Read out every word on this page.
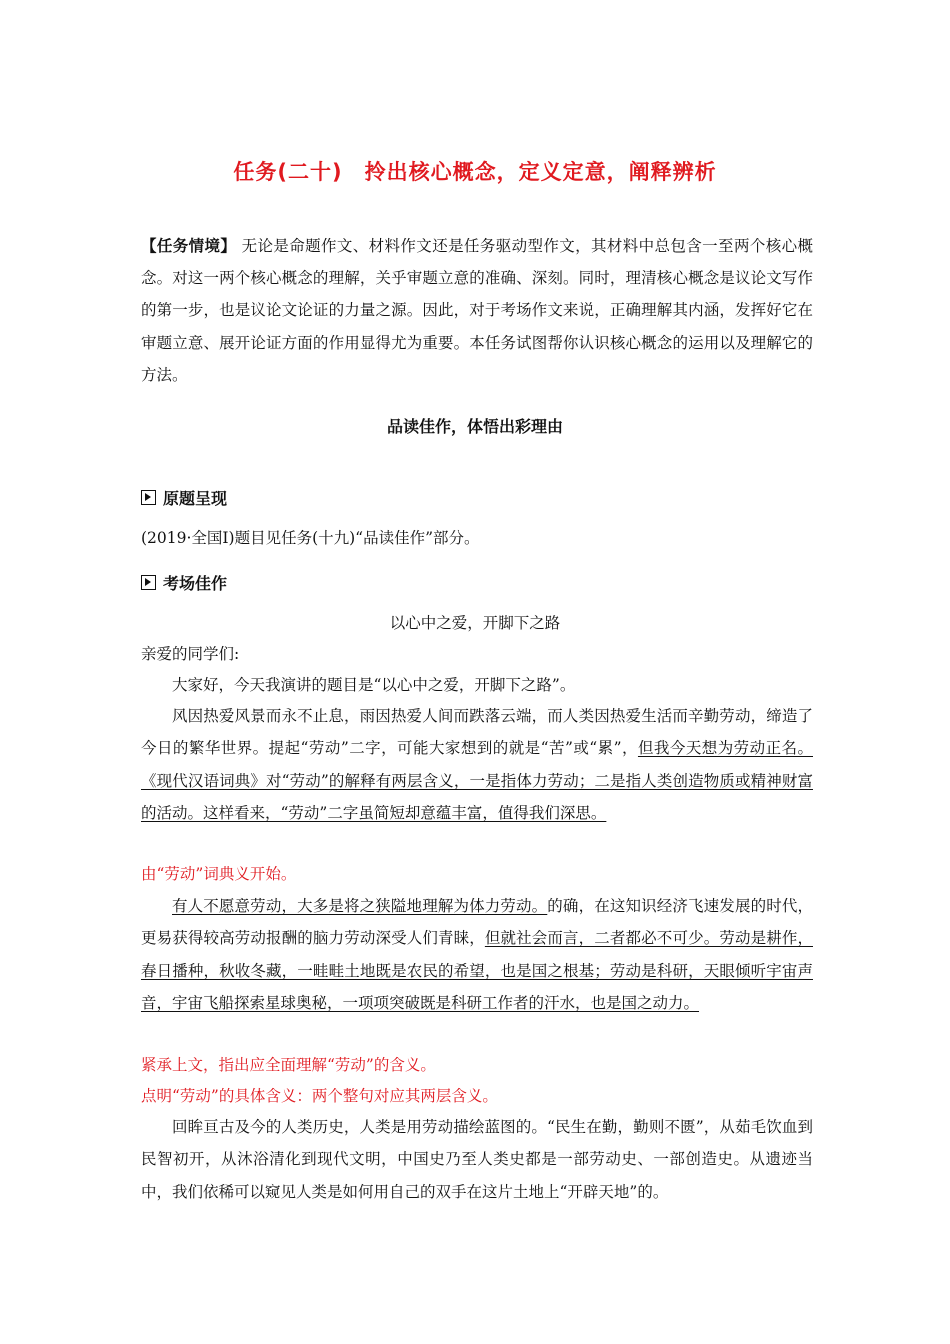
任务(二十) 拎出核心概念，定义定意，阐释辨析

【任务情境】 无论是命题作文、材料作文还是任务驱动型作文，其材料中总包含一至两个核心概念。对这一两个核心概念的理解，关乎审题立意的准确、深刻。同时，理清核心概念是议论文写作的第一步，也是议论文论证的力量之源。因此，对于考场作文来说，正确理解其内涵，发挥好它在审题立意、展开论证方面的作用显得尤为重要。本任务试图帮你认识核心概念的运用以及理解它的方法。

品读佳作，体悟出彩理由
原题呈现
(2019·全国Ⅰ)题目见任务(十九)“品读佳作”部分。
考场佳作
以心中之爱，开脚下之路
亲爱的同学们:
大家好，今天我演讲的题目是“以心中之爱，开脚下之路”。

风因热爱风景而永不止息，雨因热爱人间而跌落云端，而人类因热爱生活而辛勤劳动，缔造了今日的繁华世界。提起“劳动”二字，可能大家想到的就是“苦”或“累”，但我今天想为劳动正名。《现代汉语词典》对“劳动”的解释有两层含义，一是指体力劳动；二是指人类创造物质或精神财富的活动。这样看来，“劳动”二字虽简短却意蕴丰富，值得我们深思。

由“劳动”词典义开始。

有人不愿意劳动，大多是将之狭隘地理解为体力劳动。的确，在这知识经济飞速发展的时代，更易获得较高劳动报酬的脑力劳动深受人们青睐，但就社会而言，二者都必不可少。劳动是耕作，春日播种，秋收冬藏，一畦畦土地既是农民的希望，也是国之根基；劳动是科研，天眼倾听宇宙声音，宇宙飞船探索星球奥秘，一项项突破既是科研工作者的汗水，也是国之动力。

紧承上文，指出应全面理解“劳动”的含义。
点明“劳动”的具体含义：两个整句对应其两层含义。

回眸亘古及今的人类历史，人类是用劳动描绘蓝图的。“民生在勤，勤则不匮”，从茹毛饮血到民智初开，从沐浴清化到现代文明，中国史乃至人类史都是一部劳动史、一部创造史。从遗迹当中，我们依稀可以窥见人类是如何用自己的双手在这片土地上“开辟天地”的。
